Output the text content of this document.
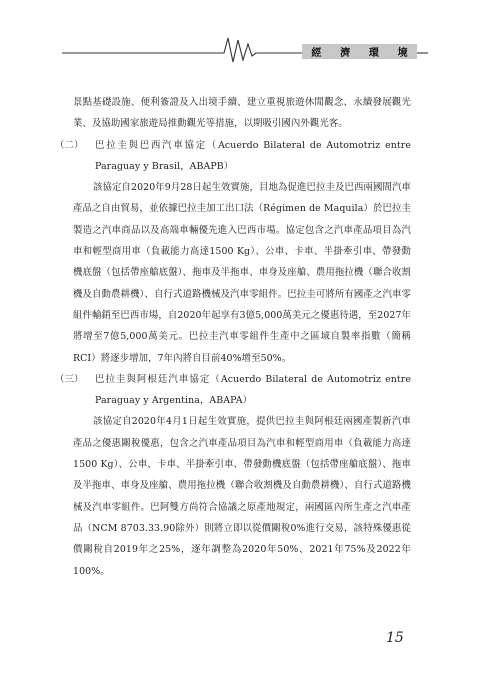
經 濟 環 境

景點基礎設施、便利簽證及入出境手續、建立重視旅遊休閒觀念、永續發展觀光業、及協助國家旅遊局推動觀光等措施，以期吸引國內外觀光客。

（二）	巴拉圭與巴西汽車協定（Acuerdo Bilateral de Automotriz entre Paraguay y Brasil，ABAPB）

該協定自2020年9月28日起生效實施，目地為促進巴拉圭及巴西兩國間汽車產品之自由貿易，並依據巴拉圭加工出口法（Régimen de Maquila）於巴拉圭製造之汽車商品以及高端車輛優先進入巴西市場。協定包含之汽車產品項目為汽車和輕型商用車（負載能力高達1500 Kg）、公車、卡車、半掛牽引車、帶發動機底盤（包括帶座艙底盤）、拖車及半拖車、車身及座艙、農用拖拉機（聯合收割機及自動農耕機）、自行式道路機械及汽車零組件。巴拉圭可將所有國產之汽車零組件輸銷至巴西市場，自2020年起享有3億5,000萬美元之優惠待遇，至2027年將增至7億5,000萬美元。巴拉圭汽車零組件生產中之區域自製率指數（簡稱RCI）將逐步增加，7年內將自目前40%增至50%。

（三）	巴拉圭與阿根廷汽車協定（Acuerdo Bilateral de Automotriz entre Paraguay y Argentina，ABAPA）

該協定自2020年4月1日起生效實施，提供巴拉圭與阿根廷兩國產製新汽車產品之優惠關稅優惠，包含之汽車產品項目為汽車和輕型商用車（負載能力高達1500 Kg）、公車、卡車、半掛牽引車、帶發動機底盤（包括帶座艙底盤）、拖車及半拖車、車身及座艙、農用拖拉機（聯合收割機及自動農耕機）、自行式道路機械及汽車零組件。巴阿雙方尚符合協議之原產地規定，兩國區內所生產之汽車產品（NCM 8703.33.90除外）則將立即以從價關稅0%進行交易，該特殊優惠從價關稅自2019年之25%，逐年調整為2020年50%、2021年75%及2022年100%。

15
